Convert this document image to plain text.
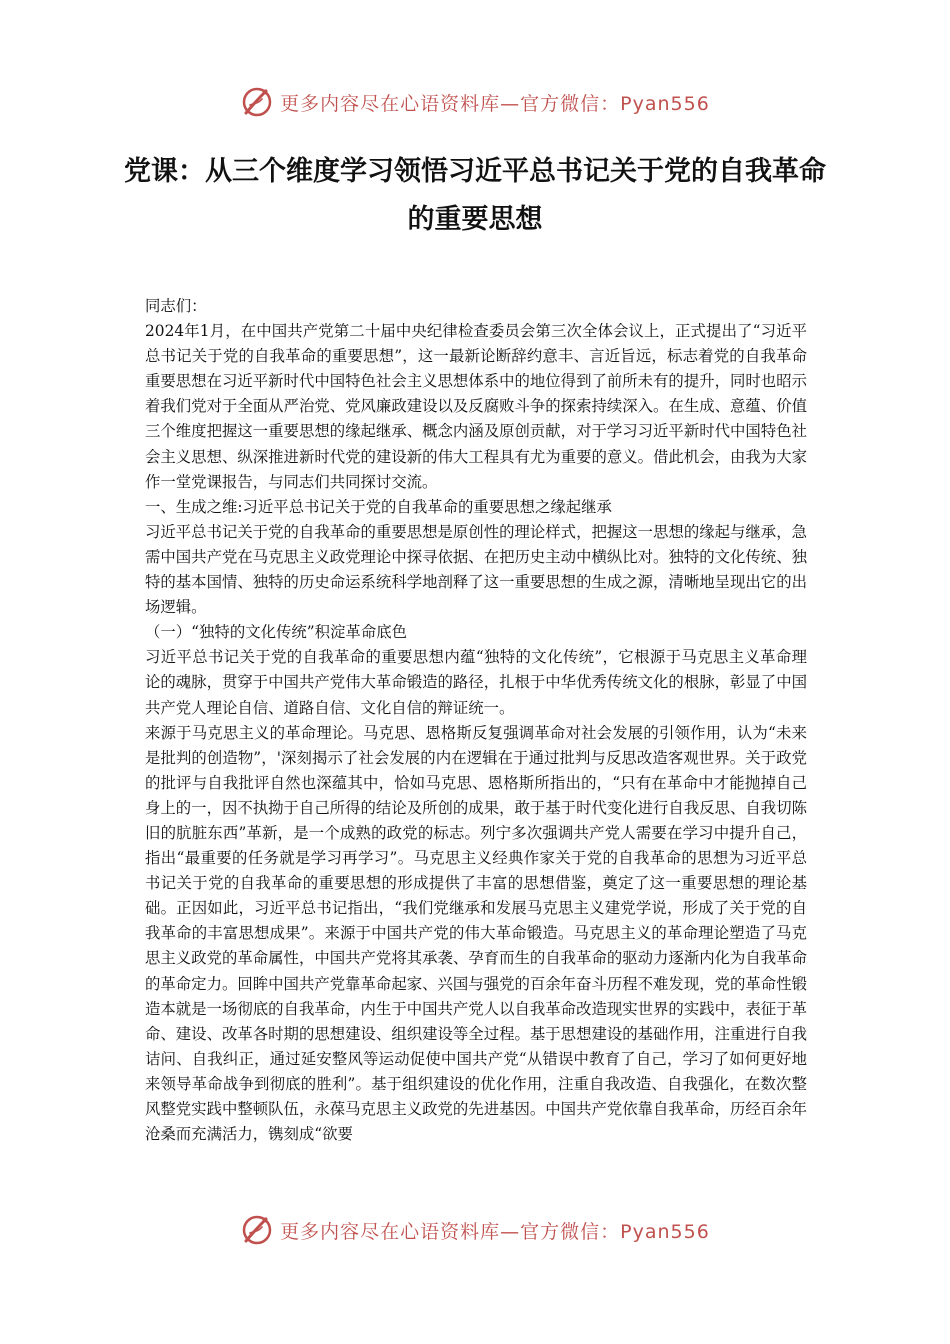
更多内容尽在心语资料库—官方微信：Pyan556
党课：从三个维度学习领悟习近平总书记关于党的自我革命的重要思想

同志们：

2024年1月，在中国共产党第二十届中央纪律检查委员会第三次全体会议上，正式提出了“习近平总书记关于党的自我革命的重要思想”，这一最新论断辞约意丰、言近旨远，标志着党的自我革命重要思想在习近平新时代中国特色社会主义思想体系中的地位得到了前所未有的提升，同时也昭示着我们党对于全面从严治党、党风廉政建设以及反腐败斗争的探索持续深入。在生成、意蕴、价值三个维度把握这一重要思想的缘起继承、概念内涵及原创贡献，对于学习习近平新时代中国特色社会主义思想、纵深推进新时代党的建设新的伟大工程具有尤为重要的意义。借此机会，由我为大家作一堂党课报告，与同志们共同探讨交流。

一、生成之维:习近平总书记关于党的自我革命的重要思想之缘起继承

习近平总书记关于党的自我革命的重要思想是原创性的理论样式，把握这一思想的缘起与继承，急需中国共产党在马克思主义政党理论中探寻依据、在把历史主动中横纵比对。独特的文化传统、独特的基本国情、独特的历史命运系统科学地剖释了这一重要思想的生成之源，清晰地呈现出它的出场逻辑。

（一）“独特的文化传统”积淀革命底色

习近平总书记关于党的自我革命的重要思想内蕴“独特的文化传统”，它根源于马克思主义革命理论的魂脉，贯穿于中国共产党伟大革命锻造的路径，扎根于中华优秀传统文化的根脉，彰显了中国共产党人理论自信、道路自信、文化自信的辩证统一。

来源于马克思主义的革命理论。马克思、恩格斯反复强调革命对社会发展的引领作用，认为“未来是批判的创造物”，'深刻揭示了社会发展的内在逻辑在于通过批判与反思改造客观世界。关于政党的批评与自我批评自然也深蕴其中，恰如马克思、恩格斯所指出的，“只有在革命中才能抛掉自己身上的一，因不执拗于自己所得的结论及所创的成果，敢于基于时代变化进行自我反思、自我切陈旧的肮脏东西”革新，是一个成熟的政党的标志。列宁多次强调共产党人需要在学习中提升自己，指出“最重要的任务就是学习再学习”。马克思主义经典作家关于党的自我革命的思想为习近平总书记关于党的自我革命的重要思想的形成提供了丰富的思想借鉴，奠定了这一重要思想的理论基础。正因如此，习近平总书记指出，“我们党继承和发展马克思主义建党学说，形成了关于党的自我革命的丰富思想成果”。来源于中国共产党的伟大革命锻造。马克思主义的革命理论塑造了马克思主义政党的革命属性，中国共产党将其承袭、孕育而生的自我革命的驱动力逐渐内化为自我革命的革命定力。回眸中国共产党靠革命起家、兴国与强党的百余年奋斗历程不难发现，党的革命性锻造本就是一场彻底的自我革命，内生于中国共产党人以自我革命改造现实世界的实践中，表征于革命、建设、改革各时期的思想建设、组织建设等全过程。基于思想建设的基础作用，注重进行自我诘问、自我纠正，通过延安整风等运动促使中国共产党“从错误中教育了自己，学习了如何更好地来领导革命战争到彻底的胜利”。基于组织建设的优化作用，注重自我改造、自我强化，在数次整风整党实践中整顿队伍，永葆马克思主义政党的先进基因。中国共产党依靠自我革命，历经百余年沧桑而充满活力，镌刻成“欲要

更多内容尽在心语资料库—官方微信：Pyan556
